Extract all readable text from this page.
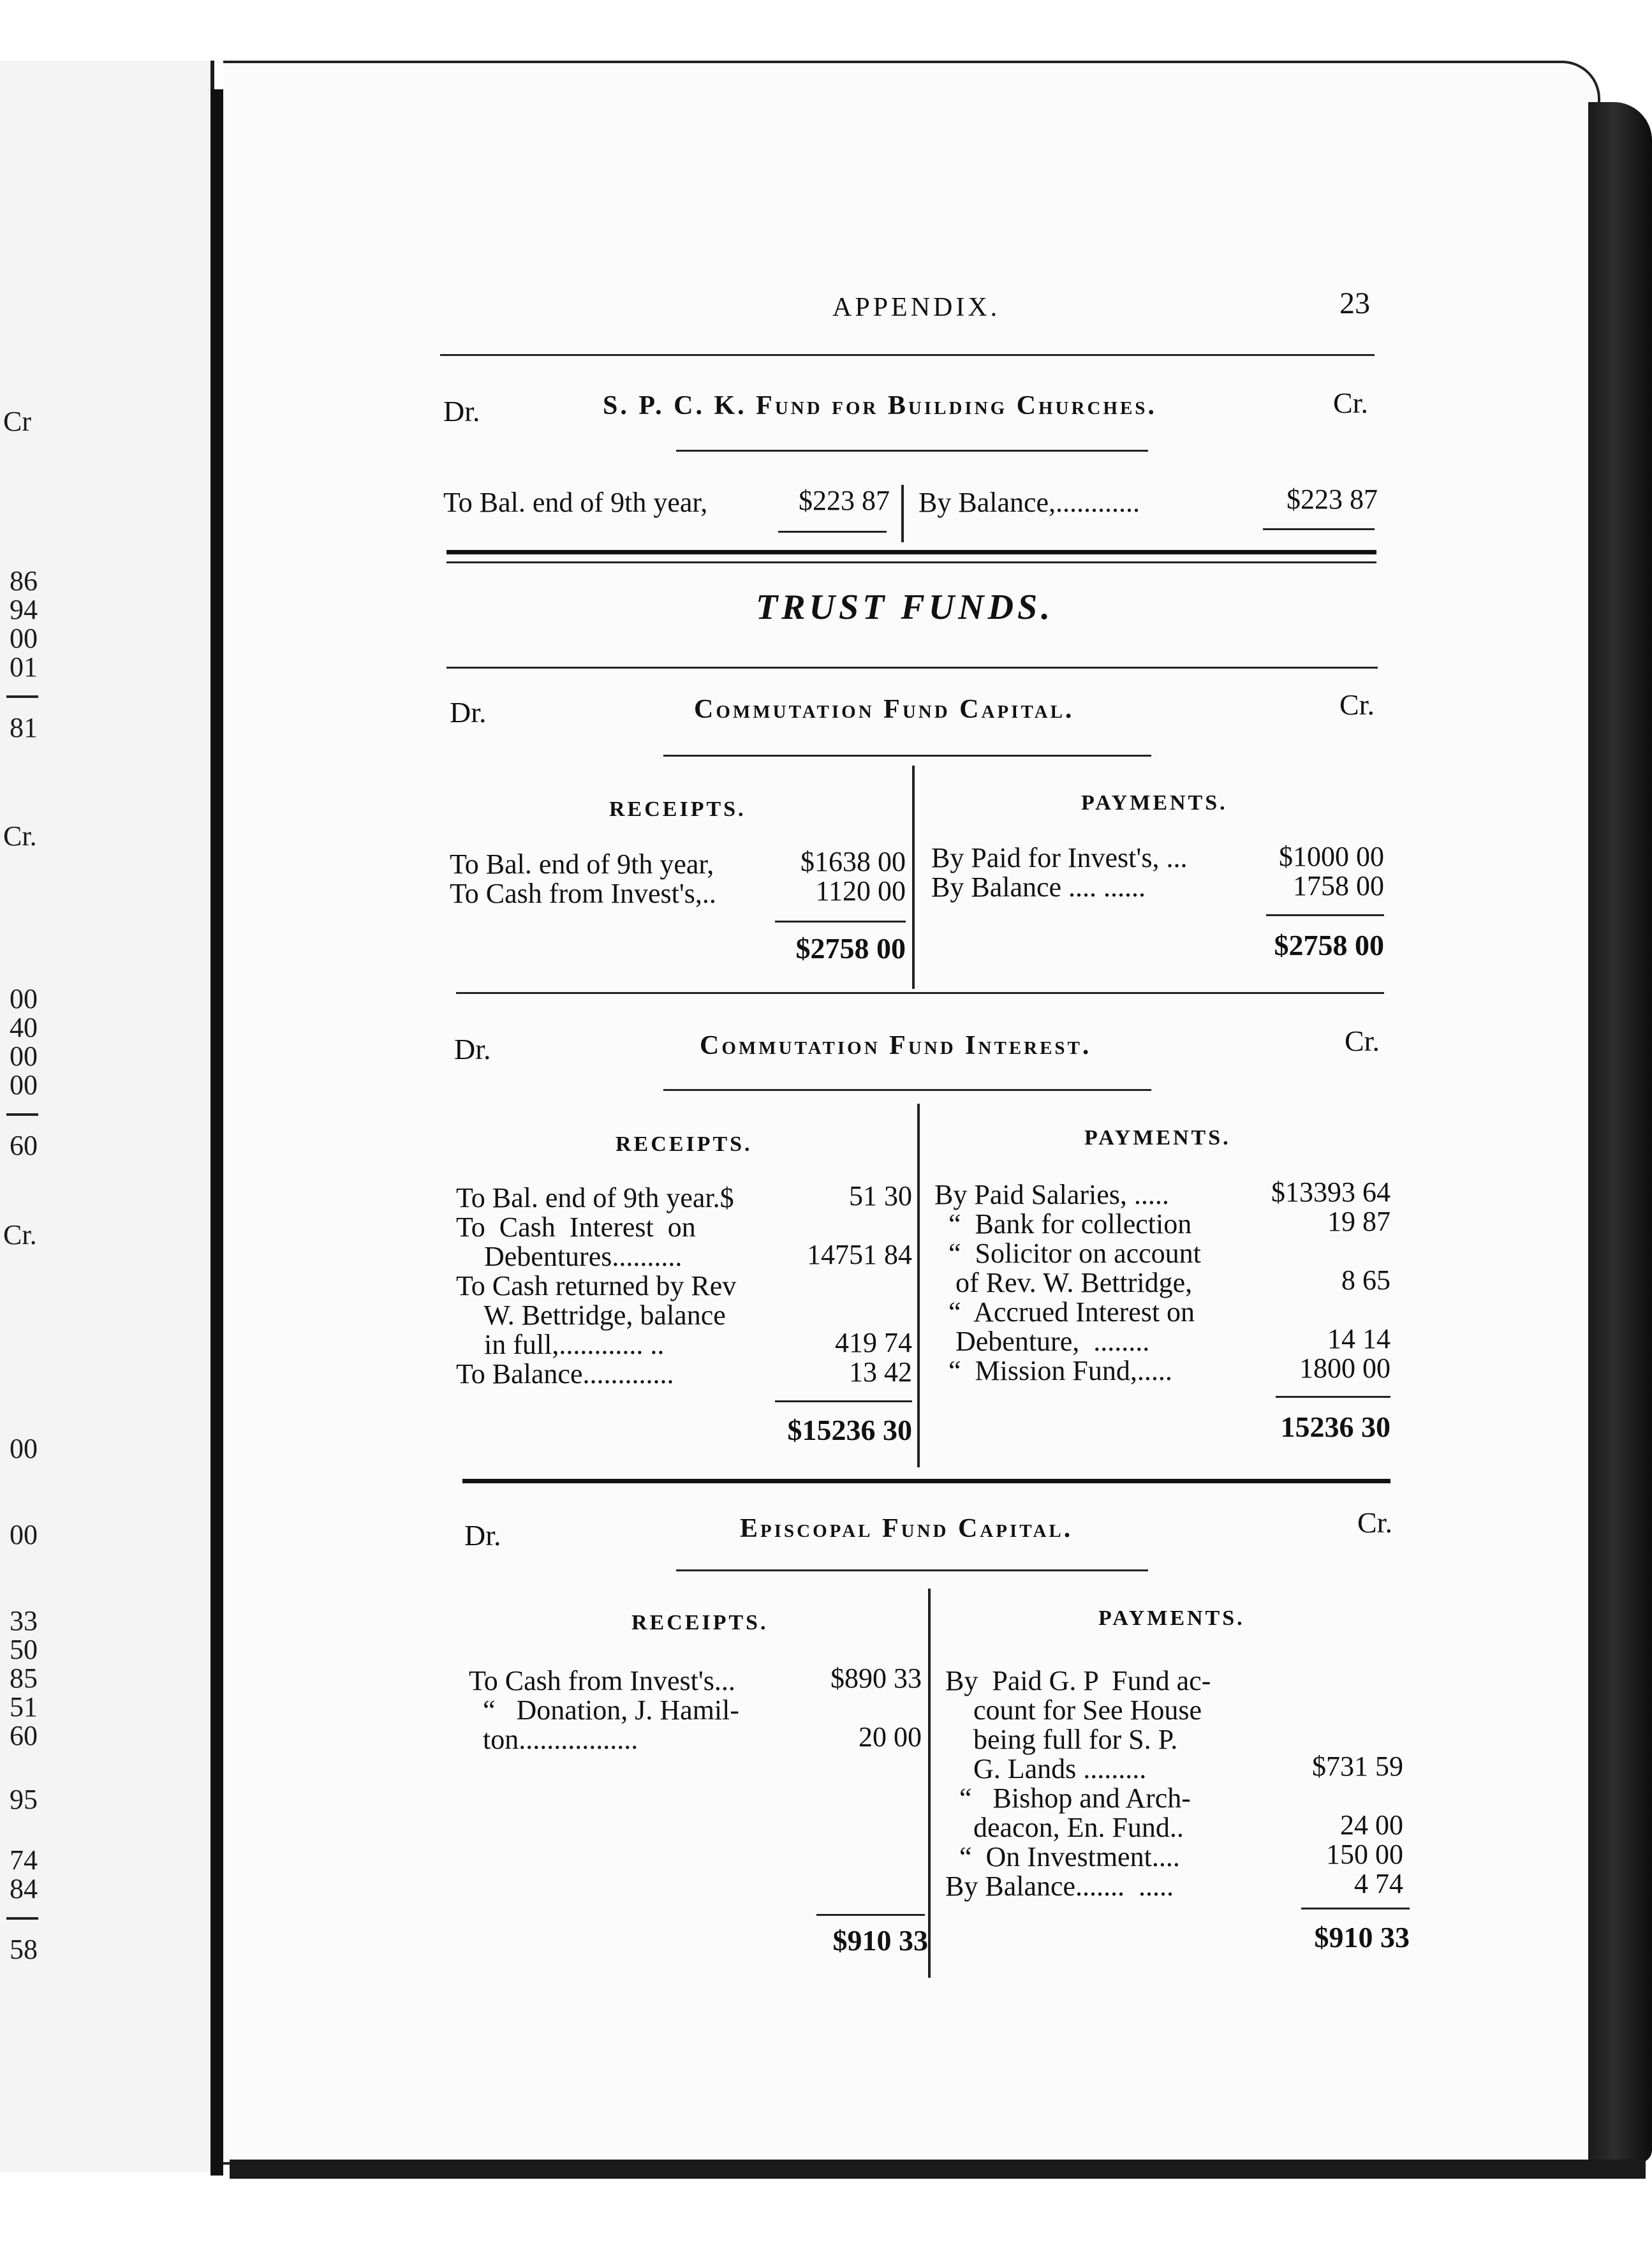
Cr
86
94
00
01
81
Cr.
00
40
00
00
60
Cr.
00
00
33
50
85
51
60
95
74
84
58
APPENDIX.	23
Dr.	S. P. C. K. Fund for Building Churches.	Cr.
To Bal. end of 9th year,	$223 87 By Balance,............	$223 87
TRUST FUNDS.
Dr.	Commutation Fund Capital.	Cr.
RECEIPTS.	PAYMENTS.
To Bal. end of 9th year,	$1638 00
To Cash from Invest's,..	1120 00
By Paid for Invest's, ...	$1000 00
By Balance .... ......	1758 00
$2758 00	$2758 00
Dr.	Commutation Fund Interest.	Cr.
RECEIPTS.	PAYMENTS.
To Bal. end of 9th year.$	51 30
To  Cash  Interest  on
Debentures..........	14751 84
To Cash returned by Rev
W. Bettridge, balance
in full,............ ..	419 74
To Balance.............	13 42
By Paid Salaries, .....	$13393 64
“  Bank for collection	19 87
“  Solicitor on account
of Rev. W. Bettridge,	8 65
“  Accrued Interest on
Debenture,  ........	14 14
“  Mission Fund,.....	1800 00
$15236 30	15236 30
Dr.	Episcopal Fund Capital.	Cr.
RECEIPTS.	PAYMENTS.
To Cash from Invest's...	$890 33
“   Donation, J. Hamil-
ton.................	20 00
By  Paid G. P  Fund ac-
count for See House
being full for S. P.
G. Lands .........	$731 59
“   Bishop and Arch-
deacon, En. Fund..	24 00
“  On Investment....	150 00
By Balance.......  .....	4 74
$910 33	$910 33
